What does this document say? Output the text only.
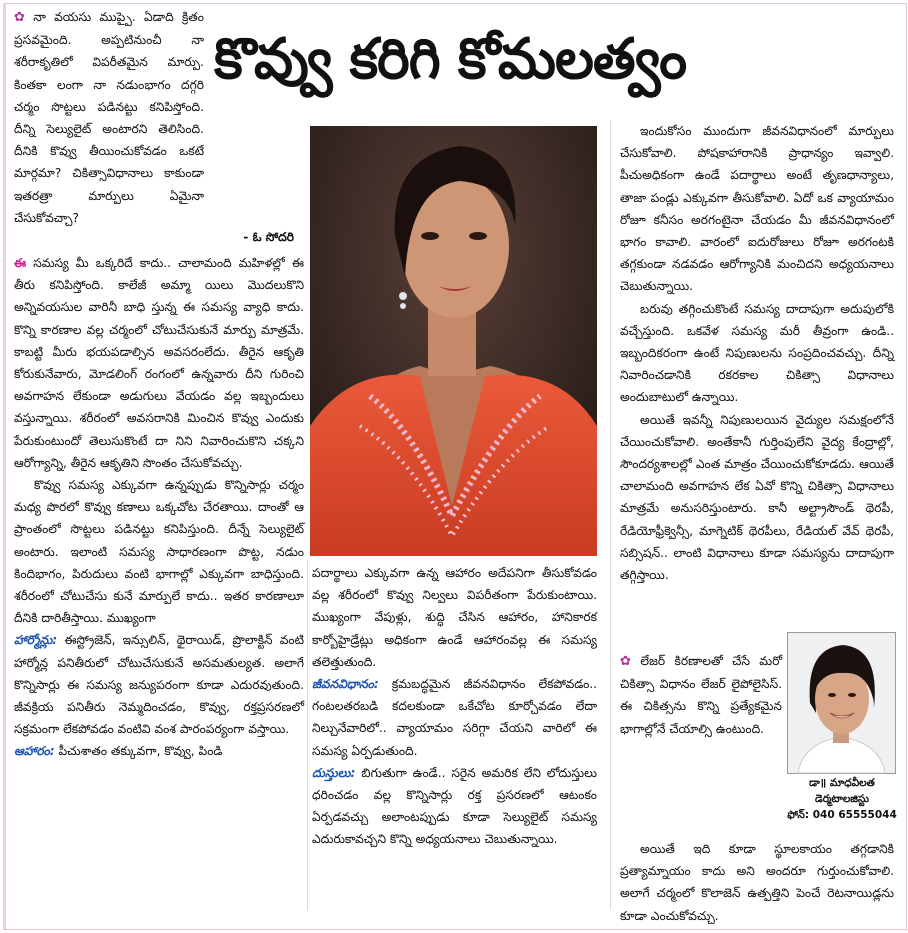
కొవ్వు కరిగి కోమలత్వం

✿ నా వయసు ముప్పై. ఏడాది క్రితం ప్రసవమైంది. అప్పటినుంచీ నా శరీరాకృతిలో విపరీతమైన మార్పు. కింతకా లంగా నా నడుంభాగం దగ్గరి చర్మం సొట్టలు పడినట్టు కనిపిస్తోంది. దీన్ని సెల్యులైట్ అంటారని తెలిసింది. దీనికి కొవ్వు తీయించుకోవడం ఒకటే మార్గమా? చికిత్సావిధానాలు కాకుండా ఇతరత్రా మార్పులు ఏమైనా చేసుకోవచ్చా?

- ఓ సోదరి

ఈ సమస్య మీ ఒక్కరిదే కాదు.. చాలామంది మహిళల్లో ఈ తీరు కనిపిస్తోంది. కాలేజీ అమ్మా యిలు మొదలుకొని అన్నివయసుల వారినీ బాధి స్తున్న ఈ సమస్య వ్యాధి కాదు. కొన్ని కారణాల వల్ల చర్మంలో చోటుచేసుకునే మార్పు మాత్రమే. కాబట్టి మీరు భయపడాల్సిన అవసరంలేదు. తీరైన ఆకృతి కోరుకునేవారు, మోడలింగ్ రంగంలో ఉన్నవారు దీని గురించి అవగాహన లేకుండా అడుగులు వేయడం వల్ల ఇబ్బందులు వస్తున్నాయి. శరీరంలో అవసరానికి మించిన కొవ్వు ఎందుకు పేరుకుంటుందో తెలుసుకొంటే దా నిని నివారించుకొని చక్కని ఆరోగ్యాన్ని, తీరైన ఆకృతిని సొంతం చేసుకోవచ్చు.

కొవ్వు సమస్య ఎక్కువగా ఉన్నప్పుడు కొన్నిసార్లు చర్మం మధ్య పొరలో కొవ్వు కణాలు ఒక్కచోట చేరతాయి. దాంతో ఆ ప్రాంతంలో సొట్టలు పడినట్టు కనిపిస్తుంది. దీన్నే సెల్యులైట్ అంటారు. ఇలాంటి సమస్య సాధారణంగా పొట్ట, నడుం కిందిభాగం, పిరుదులు వంటి భాగాల్లో ఎక్కువగా బాధిస్తుంది. శరీరంలో చోటుచేసు కునే మార్పులే కాదు.. ఇతర కారణాలూ దీనికి దారితీస్తాయి. ముఖ్యంగా

హార్మోన్లు: ఈస్ట్రోజెన్, ఇన్సులిన్, థైరాయిడ్, ప్రొలాక్టిన్ వంటి హార్మోన్ల పనితీరులో చోటుచేసుకునే అసమతుల్యత. అలాగే కొన్నిసార్లు ఈ సమస్య జన్యుపరంగా కూడా ఎదురవుతుంది. జీవక్రియ పనితీరు నెమ్మదించడం, కొవ్వు, రక్తప్రసరణలో సక్రమంగా లేకపోవడం వంటివి వంశ పారంపర్యంగా వస్తాయి.

ఆహారం: పీచుశాతం తక్కువగా, కొవ్వు, పిండి

పదార్థాలు ఎక్కువగా ఉన్న ఆహారం అదేపనిగా తీసుకోవడం వల్ల శరీరంలో కొవ్వు నిల్వలు విపరీతంగా పేరుకుంటాయి. ముఖ్యంగా వేపుళ్లు, శుద్ధి చేసిన ఆహారం, హానికారక కార్బోహైడ్రేట్లు అధికంగా ఉండే ఆహారంవల్ల ఈ సమస్య తలెత్తుతుంది.

జీవనవిధానం: క్రమబద్ధమైన జీవనవిధానం లేకపోవడం.. గంటలతరబడి కదలకుండా ఒకేచోట కూర్చోవడం లేదా నిల్చునేవారిలో.. వ్యాయామం సరిగ్గా చేయని వారిలో ఈ సమస్య ఏర్పడుతుంది.

దుస్తులు: బిగుతుగా ఉండే.. సరైన అమరిక లేని లోదుస్తులు ధరించడం వల్ల కొన్నిసార్లు రక్త ప్రసరణలో ఆటంకం ఏర్పడవచ్చు అలాంటప్పుడు కూడా సెల్యులైట్ సమస్య ఎదురుకావచ్చని కొన్ని అధ్యయనాలు చెబుతున్నాయి.

ఇందుకోసం ముందుగా జీవనవిధానంలో మార్పులు చేసుకోవాలి. పోషకాహారానికి ప్రాధాన్యం ఇవ్వాలి. పీచుఅధికంగా ఉండే పదార్థాలు అంటే తృణధాన్యాలు, తాజా పండ్లు ఎక్కువగా తీసుకోవాలి. ఏదో ఒక వ్యాయామం రోజూ కనీసం అరగంటైనా చేయడం మీ జీవనవిధానంలో భాగం కావాలి. వారంలో ఐదురోజులు రోజూ అరగంటకి తగ్గకుండా నడవడం ఆరోగ్యానికి మంచిదని అధ్యయనాలు చెబుతున్నాయి.

బరువు తగ్గించుకొంటే సమస్య దాదాపుగా అదుపులోకి వచ్చేస్తుంది. ఒకవేళ సమస్య మరీ తీవ్రంగా ఉండి.. ఇబ్బందికరంగా ఉంటే నిపుణులను సంప్రదించవచ్చు. దీన్ని నివారించడానికి రకరకాల చికిత్సా విధానాలు అందుబాటులో ఉన్నాయి.

అయితే ఇవన్నీ నిపుణులయిన వైద్యుల సమక్షంలోనే చేయించుకోవాలి. అంతేకానీ గుర్తింపులేని వైద్య కేంద్రాల్లో, సౌందర్యశాలల్లో ఎంత మాత్రం చేయించుకోకూడదు. ఆయితే చాలామంది అవగాహన లేక ఏవో కొన్ని చికిత్సా విధానాలు మాత్రమే అనుసరిస్తుంటారు. కానీ అల్ట్రాసౌండ్ థెరపీ, రేడియోఫ్రీక్వెన్సీ, మాగ్నెటిక్ థెరపీలు, రేడియల్ వేవ్ థెరపీ, సబ్సిషన్.. లాంటి విధానాలు కూడా సమస్యను దాదాపుగా తగ్గిస్తాయి.

✿ లేజర్ కిరణాలతో చేసే మరో చికిత్సా విధానం లేజర్ లైపోలైసిస్. ఈ చికిత్సను కొన్ని ప్రత్యేకమైన భాగాల్లోనే చేయాల్సి ఉంటుంది.

అయితే ఇది కూడా స్థూలకాయం తగ్గడానికి ప్రత్యామ్నాయం కాదు అని అందరూ గుర్తుంచుకోవాలి. అలాగే చర్మంలో కొలాజెన్ ఉత్పత్తిని పెంచే రెటనాయిడ్లను కూడా ఎంచుకోవచ్చు.

డా॥ మాధవీలత
డెర్మటాలజిస్టు
ఫోన్: 040 65555044
